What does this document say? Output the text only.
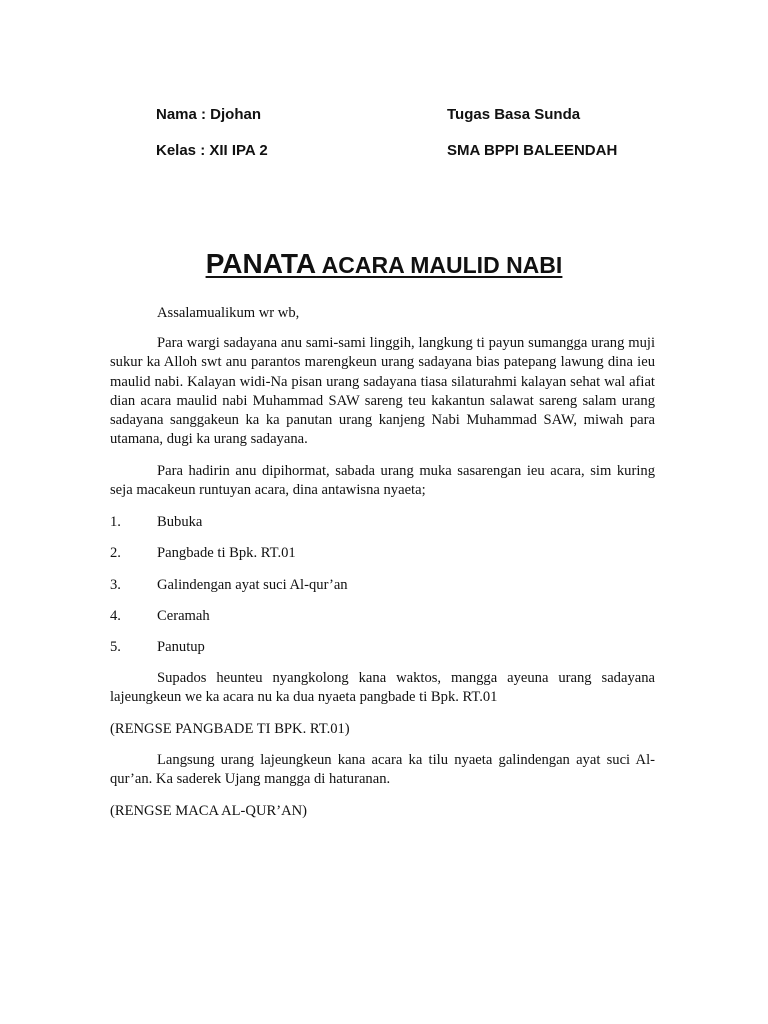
Nama : Djohan	Tugas Basa Sunda
Kelas : XII IPA 2	SMA BPPI BALEENDAH
PANATA ACARA MAULID NABI
Assalamualikum wr wb,
Para wargi sadayana anu sami-sami linggih, langkung ti payun sumangga urang muji sukur ka Alloh swt anu parantos marengkeun urang sadayana bias patepang lawung dina ieu maulid nabi. Kalayan widi-Na pisan urang sadayana tiasa silaturahmi kalayan sehat wal afiat dian acara maulid nabi Muhammad SAW sareng teu kakantun salawat sareng salam urang sadayana sanggakeun ka ka panutan urang kanjeng Nabi Muhammad SAW, miwah para utamana, dugi ka urang sadayana.
Para hadirin anu dipihormat, sabada urang muka sasarengan ieu acara, sim kuring seja macakeun runtuyan acara, dina antawisna nyaeta;
1. Bubuka
2. Pangbade ti Bpk. RT.01
3. Galindengan ayat suci Al-qur’an
4. Ceramah
5. Panutup
Supados heunteu nyangkolong kana waktos, mangga ayeuna urang sadayana lajeungkeun we ka acara nu ka dua nyaeta pangbade ti Bpk. RT.01
(RENGSE PANGBADE TI BPK. RT.01)
Langsung urang lajeungkeun kana acara ka tilu nyaeta galindengan ayat suci Al-qur’an. Ka saderek Ujang mangga di haturanan.
(RENGSE MACA AL-QUR’AN)
